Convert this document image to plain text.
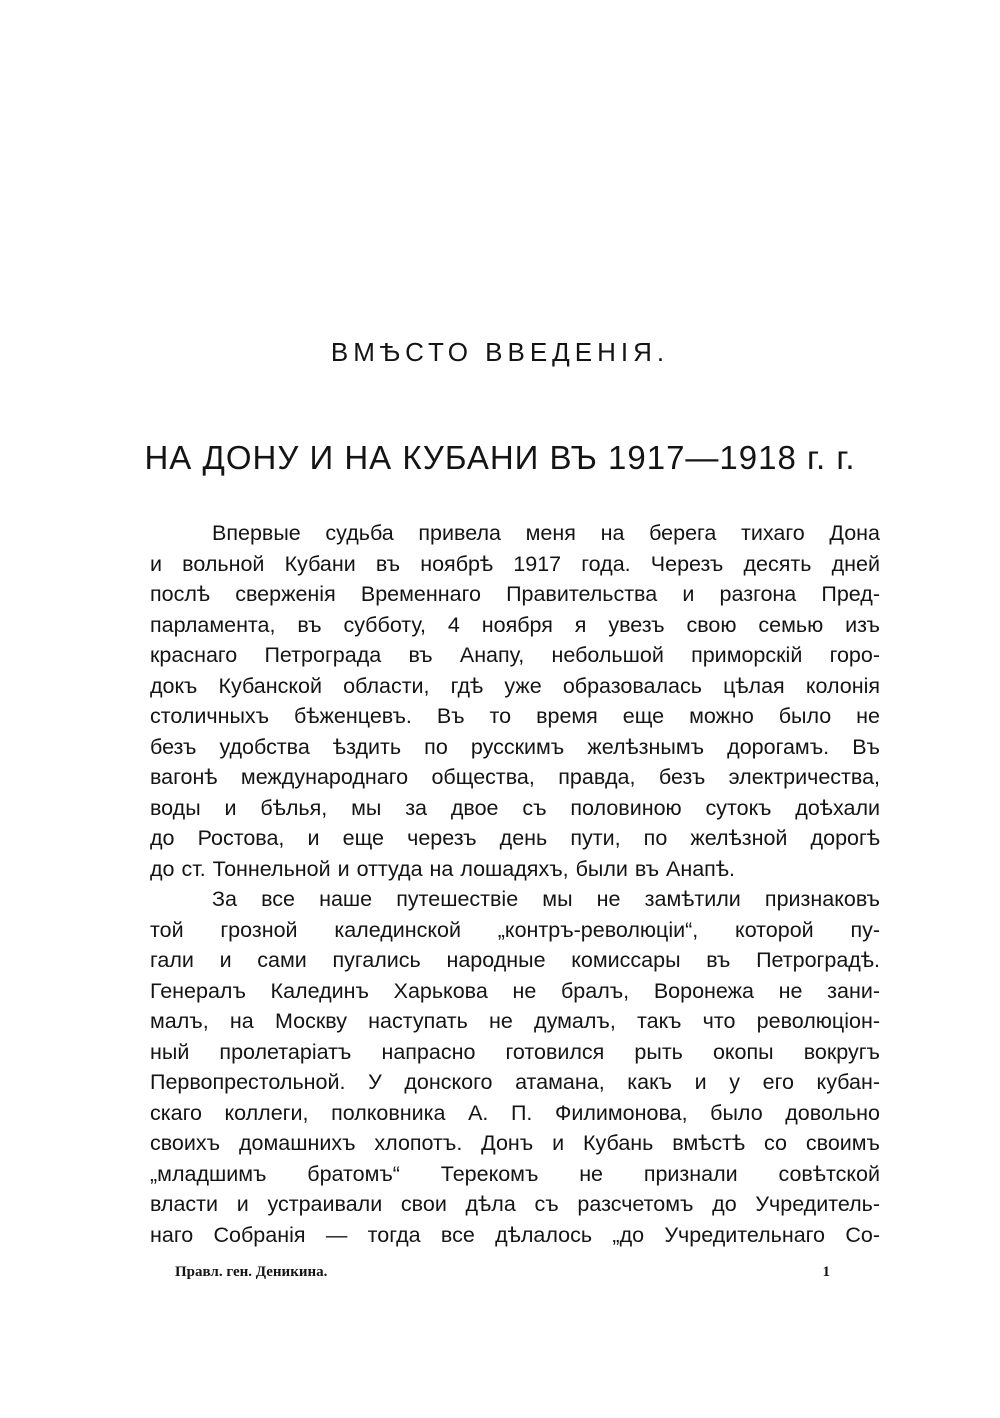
ВМѢСТО ВВЕДЕНІЯ.
НА ДОНУ И НА КУБАНИ ВЪ 1917—1918 г. г.
Впервые судьба привела меня на берега тихаго Дона
и вольной Кубани въ ноябрѣ 1917 года. Черезъ десять дней
послѣ сверженія Временнаго Правительства и разгона Пред-
парламента, въ субботу, 4 ноября я увезъ свою семью изъ
краснаго Петрограда въ Анапу, небольшой приморскій горо-
докъ Кубанской области, гдѣ уже образовалась цѣлая колонія
столичныхъ бѣженцевъ. Въ то время еще можно было не
безъ удобства ѣздить по русскимъ желѣзнымъ дорогамъ. Въ
вагонѣ международнаго общества, правда, безъ электричества,
воды и бѣлья, мы за двое съ половиною сутокъ доѣхали
до Ростова, и еще черезъ день пути, по желѣзной дорогѣ
до ст. Тоннельной и оттуда на лошадяхъ, были въ Анапѣ.
За все наше путешествіе мы не замѣтили признаковъ
той грозной калединской „контръ-революціи“, которой пу-
гали и сами пугались народные комиссары въ Петроградѣ.
Генералъ Калединъ Харькова не бралъ, Воронежа не зани-
малъ, на Москву наступать не думалъ, такъ что революціон-
ный пролетаріатъ напрасно готовился рыть окопы вокругъ
Первопрестольной. У донского атамана, какъ и у его кубан-
скаго коллеги, полковника А. П. Филимонова, было довольно
своихъ домашнихъ хлопотъ. Донъ и Кубань вмѣстѣ со своимъ
„младшимъ братомъ“ Терекомъ не признали совѣтской
власти и устраивали свои дѣла съ разсчетомъ до Учредитель-
наго Собранія — тогда все дѣлалось „до Учредительнаго Со-
Правл. ген. Деникина.	1
